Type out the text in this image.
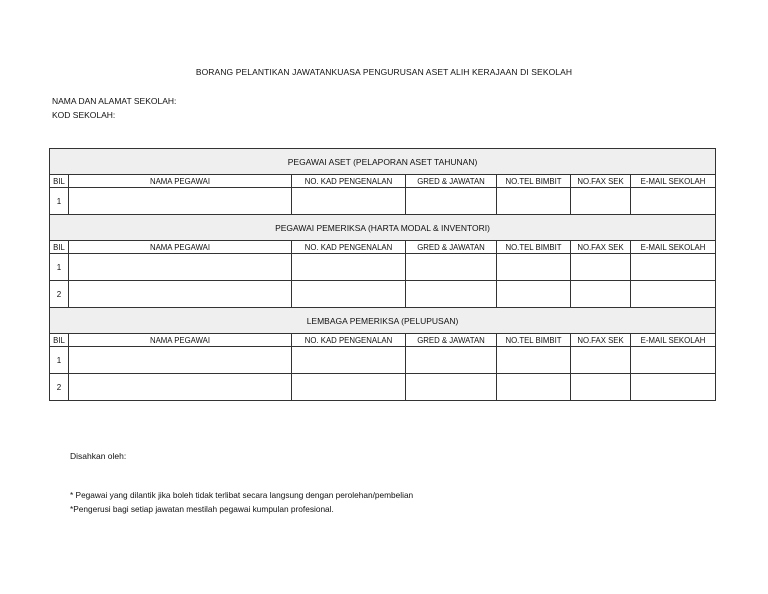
BORANG PELANTIKAN JAWATANKUASA PENGURUSAN ASET ALIH KERAJAAN DI SEKOLAH
NAMA DAN ALAMAT SEKOLAH:
KOD SEKOLAH:
PEGAWAI ASET (PELAPORAN ASET TAHUNAN)						
BIL	NAMA PEGAWAI	NO. KAD PENGENALAN	GRED & JAWATAN	NO.TEL BIMBIT	NO.FAX SEK	E-MAIL SEKOLAH
1						
PEGAWAI PEMERIKSA (HARTA MODAL & INVENTORI)						
BIL	NAMA PEGAWAI	NO. KAD PENGENALAN	GRED & JAWATAN	NO.TEL BIMBIT	NO.FAX SEK	E-MAIL SEKOLAH
1						
2						
LEMBAGA PEMERIKSA (PELUPUSAN)						
BIL	NAMA PEGAWAI	NO. KAD PENGENALAN	GRED & JAWATAN	NO.TEL BIMBIT	NO.FAX SEK	E-MAIL SEKOLAH
1						
2						
Disahkan oleh:
* Pegawai yang dilantik jika boleh tidak terlibat secara langsung dengan perolehan/pembelian
*Pengerusi bagi setiap jawatan mestilah pegawai kumpulan profesional.
